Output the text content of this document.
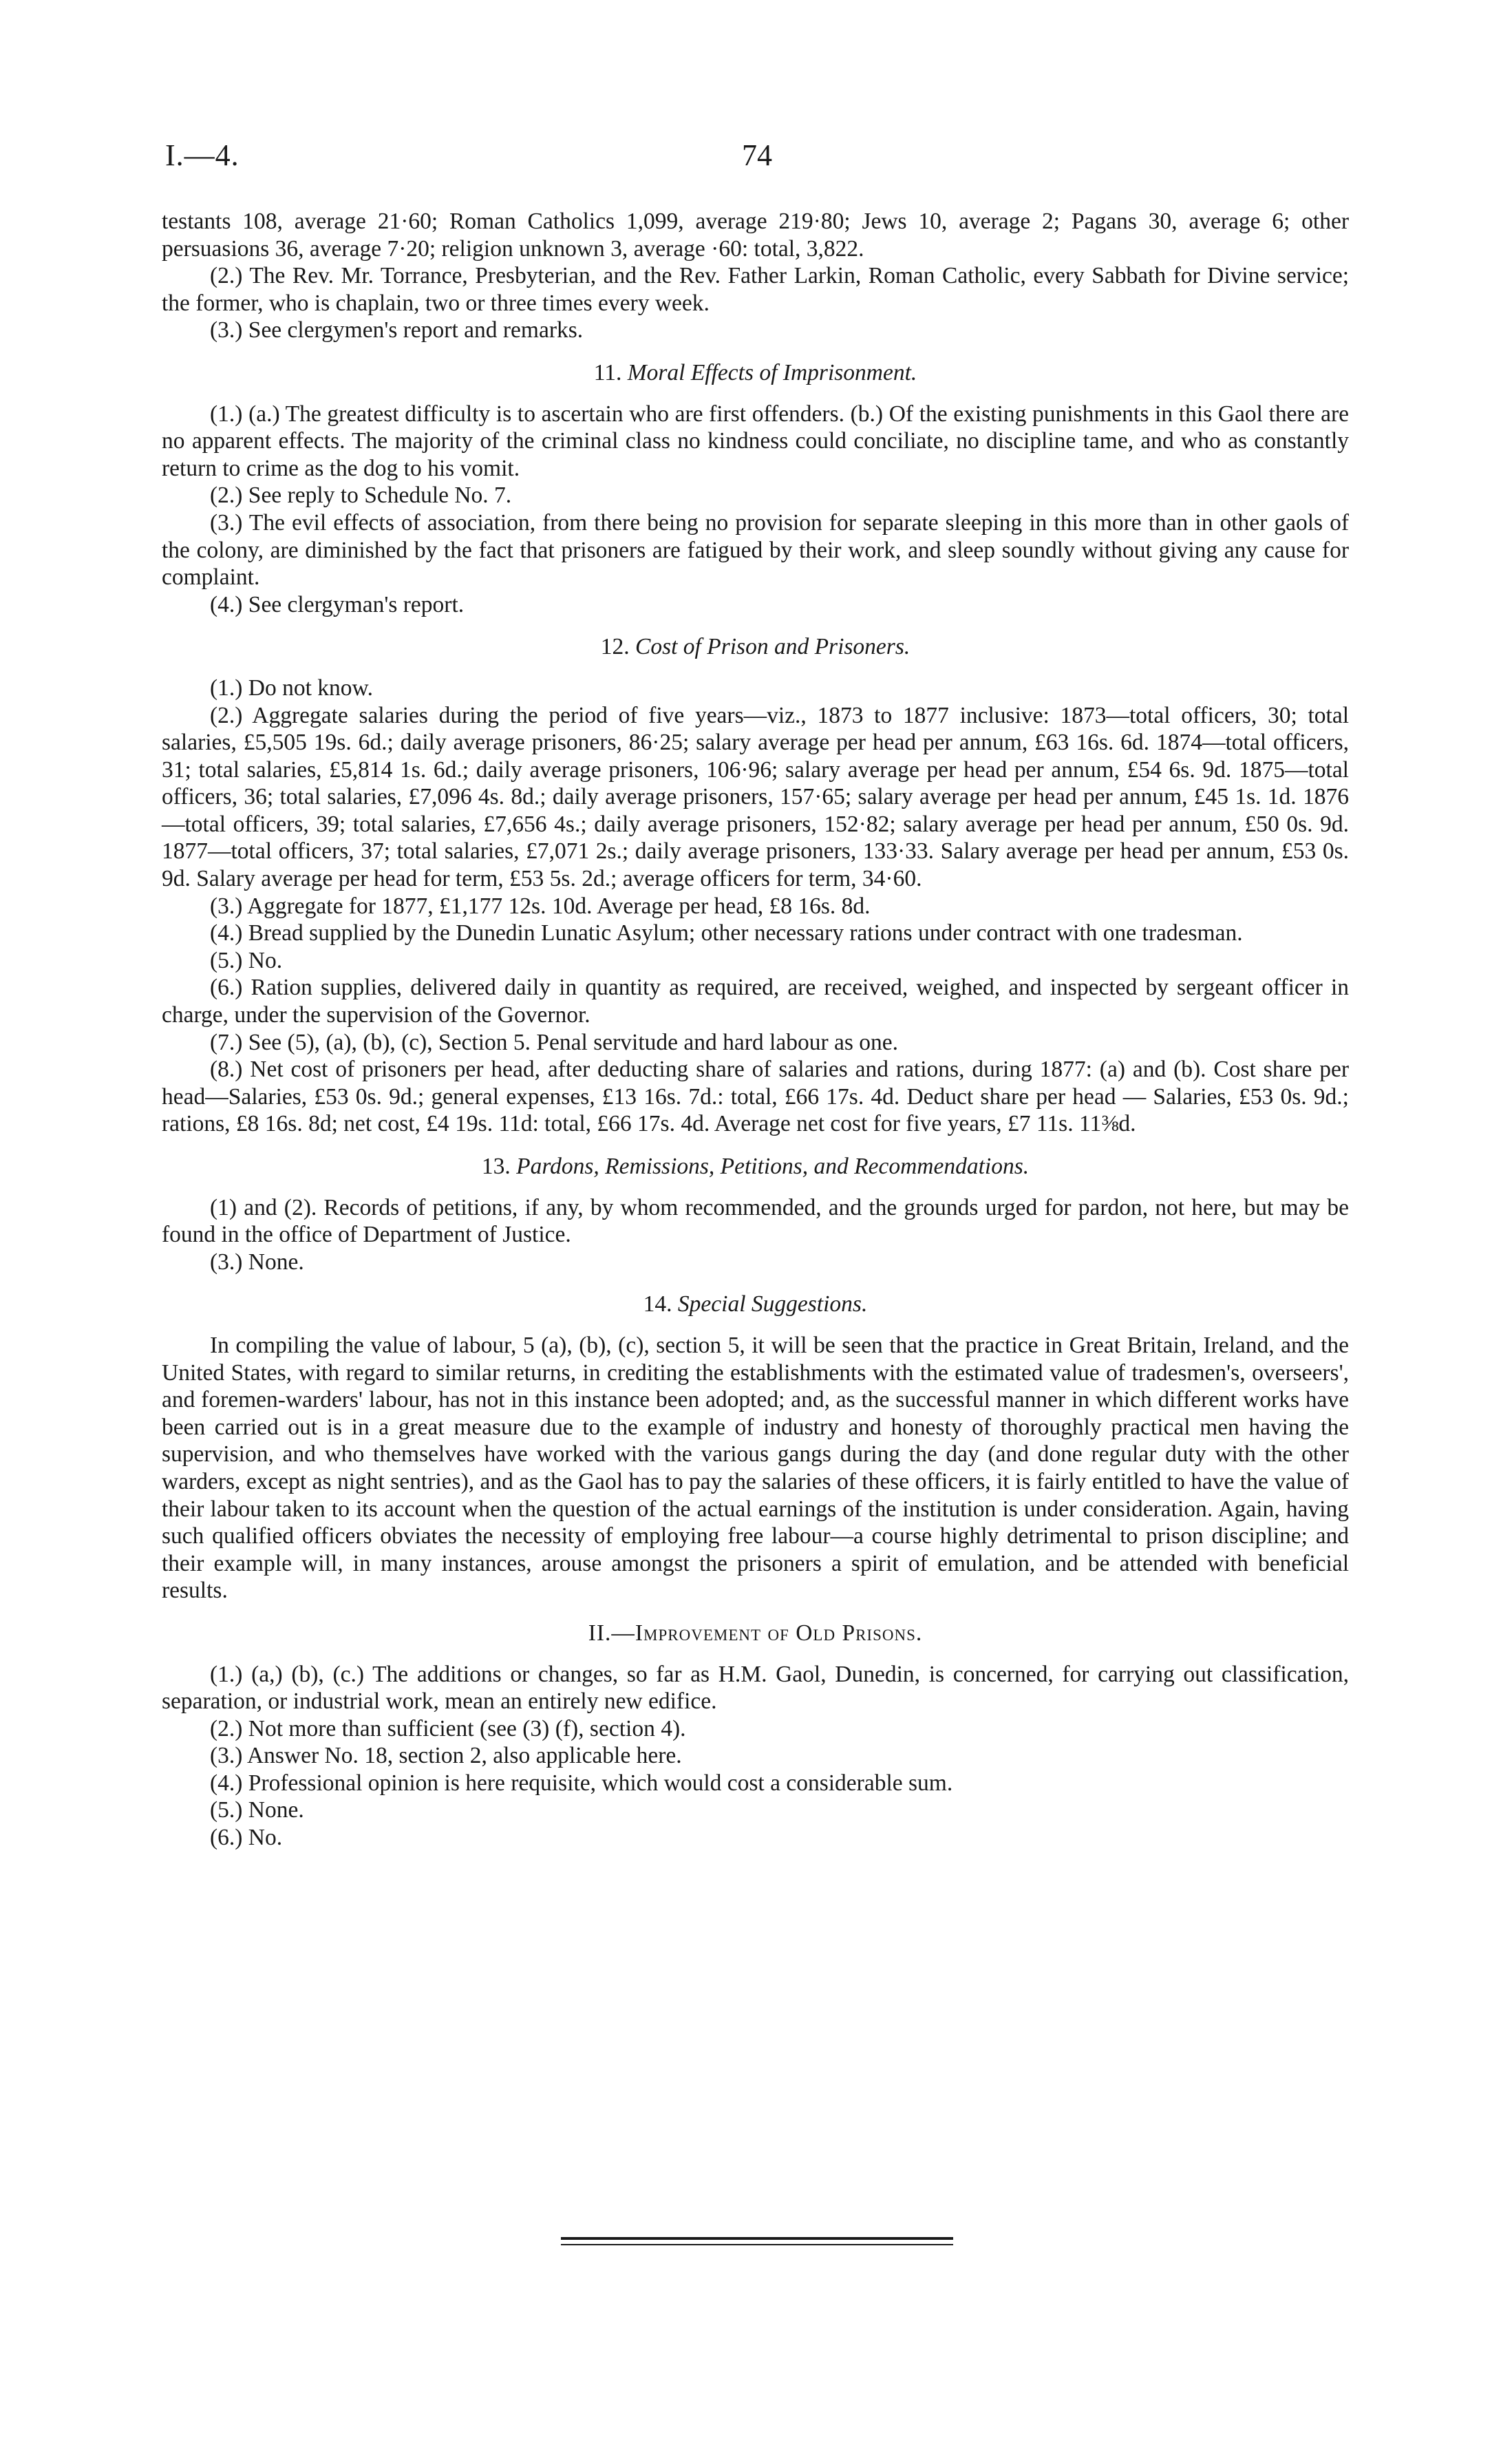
I.—4.	74

testants 108, average 21·60; Roman Catholics 1,099, average 219·80; Jews 10, average 2; Pagans 30, average 6; other persuasions 36, average 7·20; religion unknown 3, average ·60: total, 3,822.

(2.) The Rev. Mr. Torrance, Presbyterian, and the Rev. Father Larkin, Roman Catholic, every Sabbath for Divine service; the former, who is chaplain, two or three times every week.

(3.) See clergymen's report and remarks.

11. Moral Effects of Imprisonment.

(1.) (a.) The greatest difficulty is to ascertain who are first offenders. (b.) Of the existing punishments in this Gaol there are no apparent effects. The majority of the criminal class no kindness could conciliate, no discipline tame, and who as constantly return to crime as the dog to his vomit.

(2.) See reply to Schedule No. 7.

(3.) The evil effects of association, from there being no provision for separate sleeping in this more than in other gaols of the colony, are diminished by the fact that prisoners are fatigued by their work, and sleep soundly without giving any cause for complaint.

(4.) See clergyman's report.

12. Cost of Prison and Prisoners.

(1.) Do not know.

(2.) Aggregate salaries during the period of five years—viz., 1873 to 1877 inclusive: 1873—total officers, 30; total salaries, £5,505 19s. 6d.; daily average prisoners, 86·25; salary average per head per annum, £63 16s. 6d. 1874—total officers, 31; total salaries, £5,814 1s. 6d.; daily average prisoners, 106·96; salary average per head per annum, £54 6s. 9d. 1875—total officers, 36; total salaries, £7,096 4s. 8d.; daily average prisoners, 157·65; salary average per head per annum, £45 1s. 1d. 1876—total officers, 39; total salaries, £7,656 4s.; daily average prisoners, 152·82; salary average per head per annum, £50 0s. 9d. 1877—total officers, 37; total salaries, £7,071 2s.; daily average prisoners, 133·33. Salary average per head per annum, £53 0s. 9d. Salary average per head for term, £53 5s. 2d.; average officers for term, 34·60.

(3.) Aggregate for 1877, £1,177 12s. 10d. Average per head, £8 16s. 8d.

(4.) Bread supplied by the Dunedin Lunatic Asylum; other necessary rations under contract with one tradesman.

(5.) No.

(6.) Ration supplies, delivered daily in quantity as required, are received, weighed, and inspected by sergeant officer in charge, under the supervision of the Governor.

(7.) See (5), (a), (b), (c), Section 5. Penal servitude and hard labour as one.

(8.) Net cost of prisoners per head, after deducting share of salaries and rations, during 1877: (a) and (b). Cost share per head—Salaries, £53 0s. 9d.; general expenses, £13 16s. 7d.: total, £66 17s. 4d. Deduct share per head — Salaries, £53 0s. 9d.; rations, £8 16s. 8d; net cost, £4 19s. 11d: total, £66 17s. 4d. Average net cost for five years, £7 11s. 11⅜d.

13. Pardons, Remissions, Petitions, and Recommendations.

(1) and (2). Records of petitions, if any, by whom recommended, and the grounds urged for pardon, not here, but may be found in the office of Department of Justice.

(3.) None.

14. Special Suggestions.

In compiling the value of labour, 5 (a), (b), (c), section 5, it will be seen that the practice in Great Britain, Ireland, and the United States, with regard to similar returns, in crediting the establishments with the estimated value of tradesmen's, overseers', and foremen-warders' labour, has not in this instance been adopted; and, as the successful manner in which different works have been carried out is in a great measure due to the example of industry and honesty of thoroughly practical men having the supervision, and who themselves have worked with the various gangs during the day (and done regular duty with the other warders, except as night sentries), and as the Gaol has to pay the salaries of these officers, it is fairly entitled to have the value of their labour taken to its account when the question of the actual earnings of the institution is under consideration. Again, having such qualified officers obviates the necessity of employing free labour—a course highly detrimental to prison discipline; and their example will, in many instances, arouse amongst the prisoners a spirit of emulation, and be attended with beneficial results.

II.—Improvement of Old Prisons.

(1.) (a,) (b), (c.) The additions or changes, so far as H.M. Gaol, Dunedin, is concerned, for carrying out classification, separation, or industrial work, mean an entirely new edifice.

(2.) Not more than sufficient (see (3) (f), section 4).

(3.) Answer No. 18, section 2, also applicable here.

(4.) Professional opinion is here requisite, which would cost a considerable sum.

(5.) None.

(6.) No.
